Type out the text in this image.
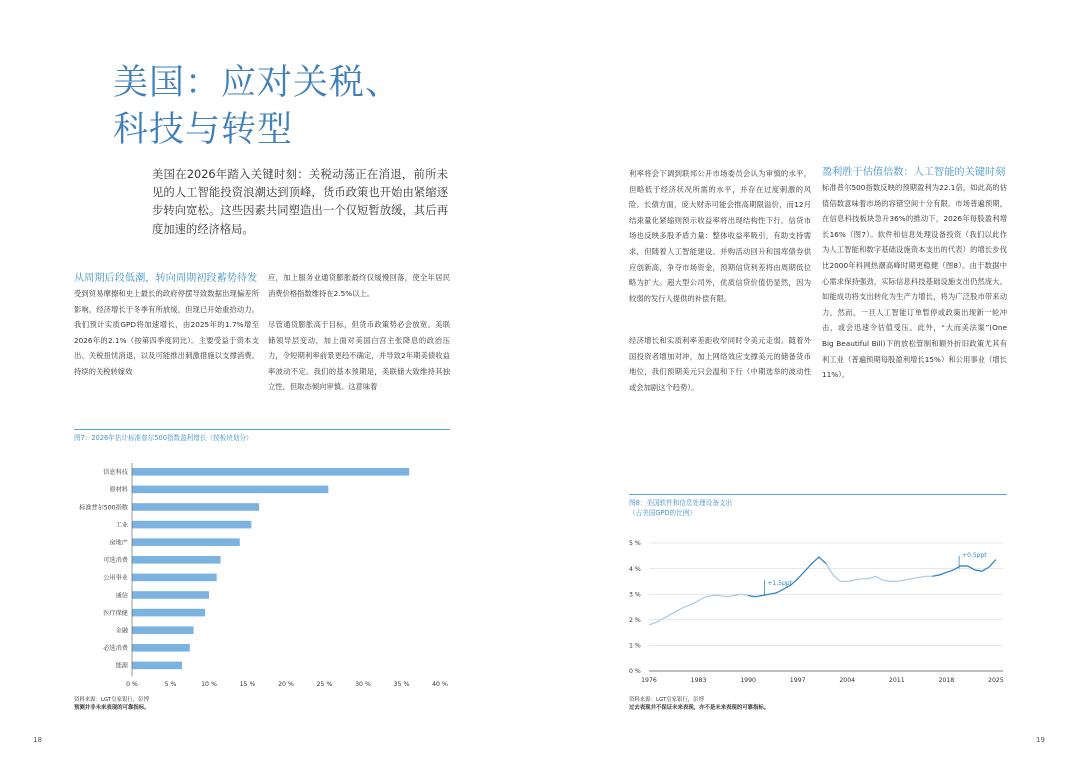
美国：应对关税、
科技与转型
美国在2026年踏入关键时刻：关税动荡正在消退，前所未见的人工智能投资浪潮达到顶峰，货币政策也开始由紧缩逐步转向宽松。这些因素共同塑造出一个仅短暂放缓，其后再度加速的经济格局。
从周期后段低潮，转向周期初段蓄势待发
受到贸易摩擦和史上最长的政府停摆导致数据出现偏差所影响，经济增长于冬季有所放缓，但现已开始重拾动力。我们预计实质GPD将加速增长，由2025年的1.7%增至2026年的2.1%（按第四季度同比）。主要受益于资本支出、关税扭忧消退，以及可能推出刺激措施以支撑消费。持续的关税转嫁效
应，加上服务业通货膨胀最终仅缓慢回落，使全年居民消费价格指数维持在2.5%以上。
尽管通货膨胀高于目标，但货币政策势必会放宽。美联储领导层变动，加上面对美国白宫主张降息的政治压力，令短期利率前景更趋不确定，并导致2年期美债收益率波动不定。我们的基本预期是，美联储大致维持其独立性，但取态倾向审慎。这意味着
图7：2026年估计标准普尔500指数盈利增长（按板块划分）
信息科技
原材料
标准普尔500指数
工业
房地产
可选消费
公用事业
通信
医疗保健
金融
必选消费
能源
0 %	5 %	10 %	15 %	20 %	25 %	30 %	35 %	40 %
资料来源：LGT皇家银行，彭博
预测并非未来表现的可靠指标。
18
利率将会下调到联邦公开市场委员会认为审慎的水平，但略低于经济状况所需的水平，并存在过度刺激的风险。长债方面，庞大财赤可能会推高期限溢价，而12月结束量化紧缩则预示收益率将出现结构性下行。信贷市场也反映多股矛盾力量：整体收益率吸引，有助支持需求，但随着人工智能建设、并购活动回升和国库债券供应创新高，争夺市场资金，预期信贷利差将由周期低位略为扩大。超大型公司外，优质信贷价值仍显然，因为较弱的发行人提供的补偿有限。
经济增长和实质利率差距收窄同时令美元走弱。随着外国投资者增加对冲，加上网络效应支撑美元的储备货币地位，我们预期美元只会温和下行（中期选举的波动性或会加剧这个趋势）。
盈利胜于估值倍数：人工智能的关键时刻
标准普尔500指数反映的预期盈利为22.1倍，如此高的估值倍数意味着市场的容错空间十分有限。市场普遍预期，在信息科技板块急升36%的推动下，2026年每股盈利增长16%（图7）。软件和信息处理设备投资（我们以此作为人工智能和数字基础设施资本支出的代表）的增长步伐比2000年科网热潮高峰时期更稳健（图8）。由于数据中心需求保持强劲，实际信息科技基础设施支出仍然庞大。如能成功将支出转化为生产力增长，将为广泛股市带来动力，然而，一旦人工智能订单暂停或政策出现新一轮冲击，或会迅速令估值受压。此外，“大而美法案”(One Big Beautiful Bill)下的放松管制和额外折旧政策尤其有利工业（普遍预期每股盈利增长15%）和公用事业（增长11%）。
图8：美国软件和信息处理设备支出
（占美国GPD的比例）
0 %
1 %
2 %
3 %
4 %
5 %
1976	1983	1990	1997	2004	2011	2018	2025
+1.5ppt
+0.5ppt
资料来源：LGT皇家银行，彭博
过去表现并不保证未来表现，亦不是未来表现的可靠指标。
19
